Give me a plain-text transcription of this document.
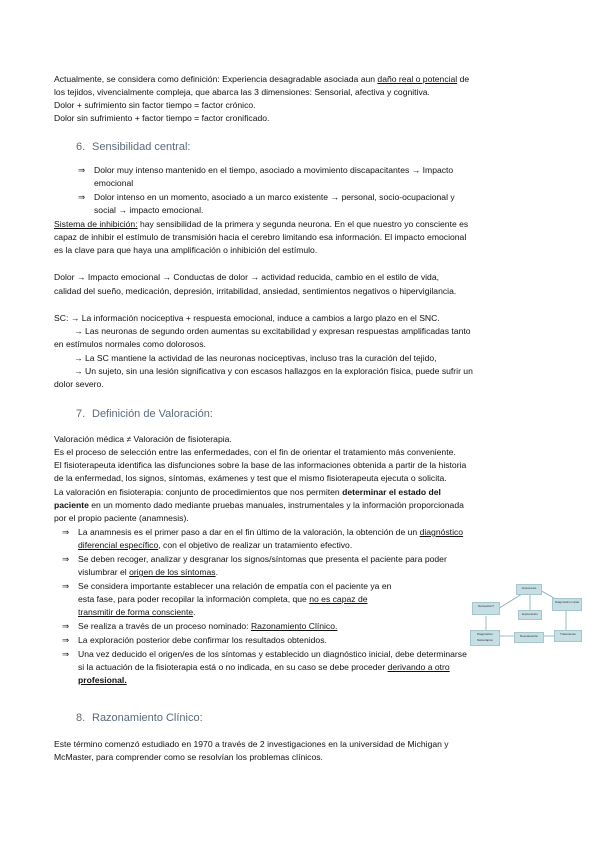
Actualmente, se considera como definición: Experiencia desagradable asociada aun daño real o potencial de
los tejidos, vivencialmente compleja, que abarca las 3 dimensiones: Sensorial, afectiva y cognitiva.
Dolor + sufrimiento sin factor tiempo = factor crónico.
Dolor sin sufrimiento + factor tiempo = factor cronificado.
6. Sensibilidad central:
⇒ Dolor muy intenso mantenido en el tiempo, asociado a movimiento discapacitantes → Impacto
emocional
⇒ Dolor intenso en un momento, asociado a un marco existente → personal, socio-ocupacional y
social → impacto emocional.
Sistema de inhibición: hay sensibilidad de la primera y segunda neurona. En el que nuestro yo consciente es
capaz de inhibir el estímulo de transmisión hacia el cerebro limitando esa información. El impacto emocional
es la clave para que haya una amplificación o inhibición del estímulo.
Dolor → Impacto emocional → Conductas de dolor → actividad reducida, cambio en el estilo de vida,
calidad del sueño, medicación, depresión, irritabilidad, ansiedad, sentimientos negativos o hipervigilancia.
SC: → La información nociceptiva + respuesta emocional, induce a cambios a largo plazo en el SNC.
→ Las neuronas de segundo orden aumentas su excitabilidad y expresan respuestas amplificadas tanto
en estímulos normales como dolorosos.
→ La SC mantiene la actividad de las neuronas nociceptivas, incluso tras la curación del tejido,
→ Un sujeto, sin una lesión significativa y con escasos hallazgos en la exploración física, puede sufrir un
dolor severo.
7. Definición de Valoración:
Valoración médica ≠ Valoración de fisioterapia.
Es el proceso de selección entre las enfermedades, con el fin de orientar el tratamiento más conveniente.
El fisioterapeuta identifica las disfunciones sobre la base de las informaciones obtenida a partir de la historia
de la enfermedad, los signos, síntomas, exámenes y test que el mismo fisioterapeuta ejecuta o solicita.
La valoración en fisioterapia: conjunto de procedimientos que nos permiten determinar el estado del
paciente en un momento dado mediante pruebas manuales, instrumentales y la información proporcionada
por el propio paciente (anamnesis).
⇒ La anamnesis es el primer paso a dar en el fin último de la valoración, la obtención de un diagnóstico
diferencial específico, con el objetivo de realizar un tratamiento efectivo.
⇒ Se deben recoger, analizar y desgranar los signos/síntomas que presenta el paciente para poder
vislumbrar el origen de los síntomas.
⇒ Se considera importante establecer una relación de empatía con el paciente ya en
esta fase, para poder recopilar la información completa, que no es capaz de
transmitir de forma consciente.
⇒ Se realiza a través de un proceso nominado: Razonamiento Clínico.
⇒ La exploración posterior debe confirmar los resultados obtenidos.
⇒ Una vez deducido el origen/es de los síntomas y establecido un diagnóstico inicial, debe determinarse
si la actuación de la fisioterapia está o no indicada, en su caso se debe proceder derivando a otro
profesional.
Anamnesis
Diagnóstico inicial
Exploración
Derivación?
Tratamiento
Reevaluación
Diagnóstico fisioterápico
8. Razonamiento Clínico:
Este término comenzó estudiado en 1970 a través de 2 investigaciones en la universidad de Michigan y
McMaster, para comprender como se resolvían los problemas clínicos.
